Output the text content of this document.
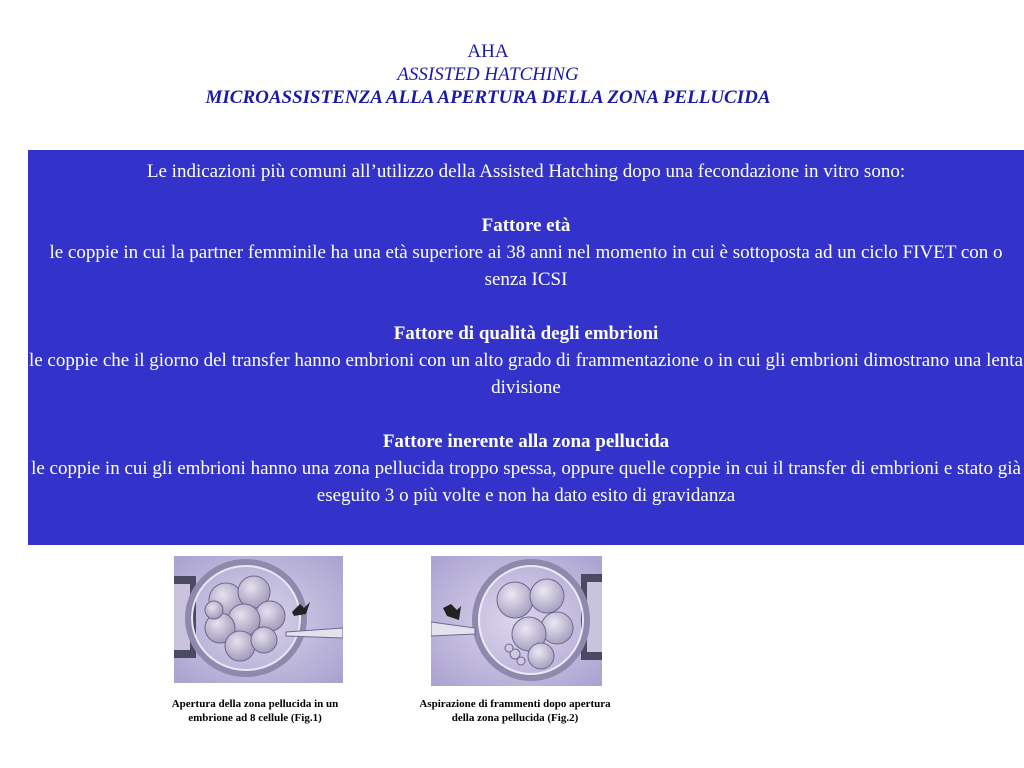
AHA
ASSISTED HATCHING
MICROASSISTENZA ALLA APERTURA DELLA ZONA PELLUCIDA

Le indicazioni più comuni all’utilizzo della Assisted Hatching dopo una fecondazione in vitro sono:

Fattore età

le coppie in cui la partner femminile ha una età superiore ai 38 anni nel momento in cui è sottoposta ad un ciclo FIVET con o senza ICSI

Fattore di qualità degli embrioni

le coppie che il giorno del transfer hanno embrioni con un alto grado di frammentazione o in cui gli embrioni dimostrano una lenta divisione

Fattore inerente alla zona pellucida

le coppie in cui gli embrioni hanno una zona pellucida troppo spessa, oppure quelle coppie in cui il transfer di embrioni e stato già eseguito 3 o più volte e non ha dato esito di gravidanza

Apertura della zona pellucida in un
embrione ad 8 cellule (Fig.1)
Aspirazione di frammenti dopo apertura
della zona pellucida (Fig.2)
